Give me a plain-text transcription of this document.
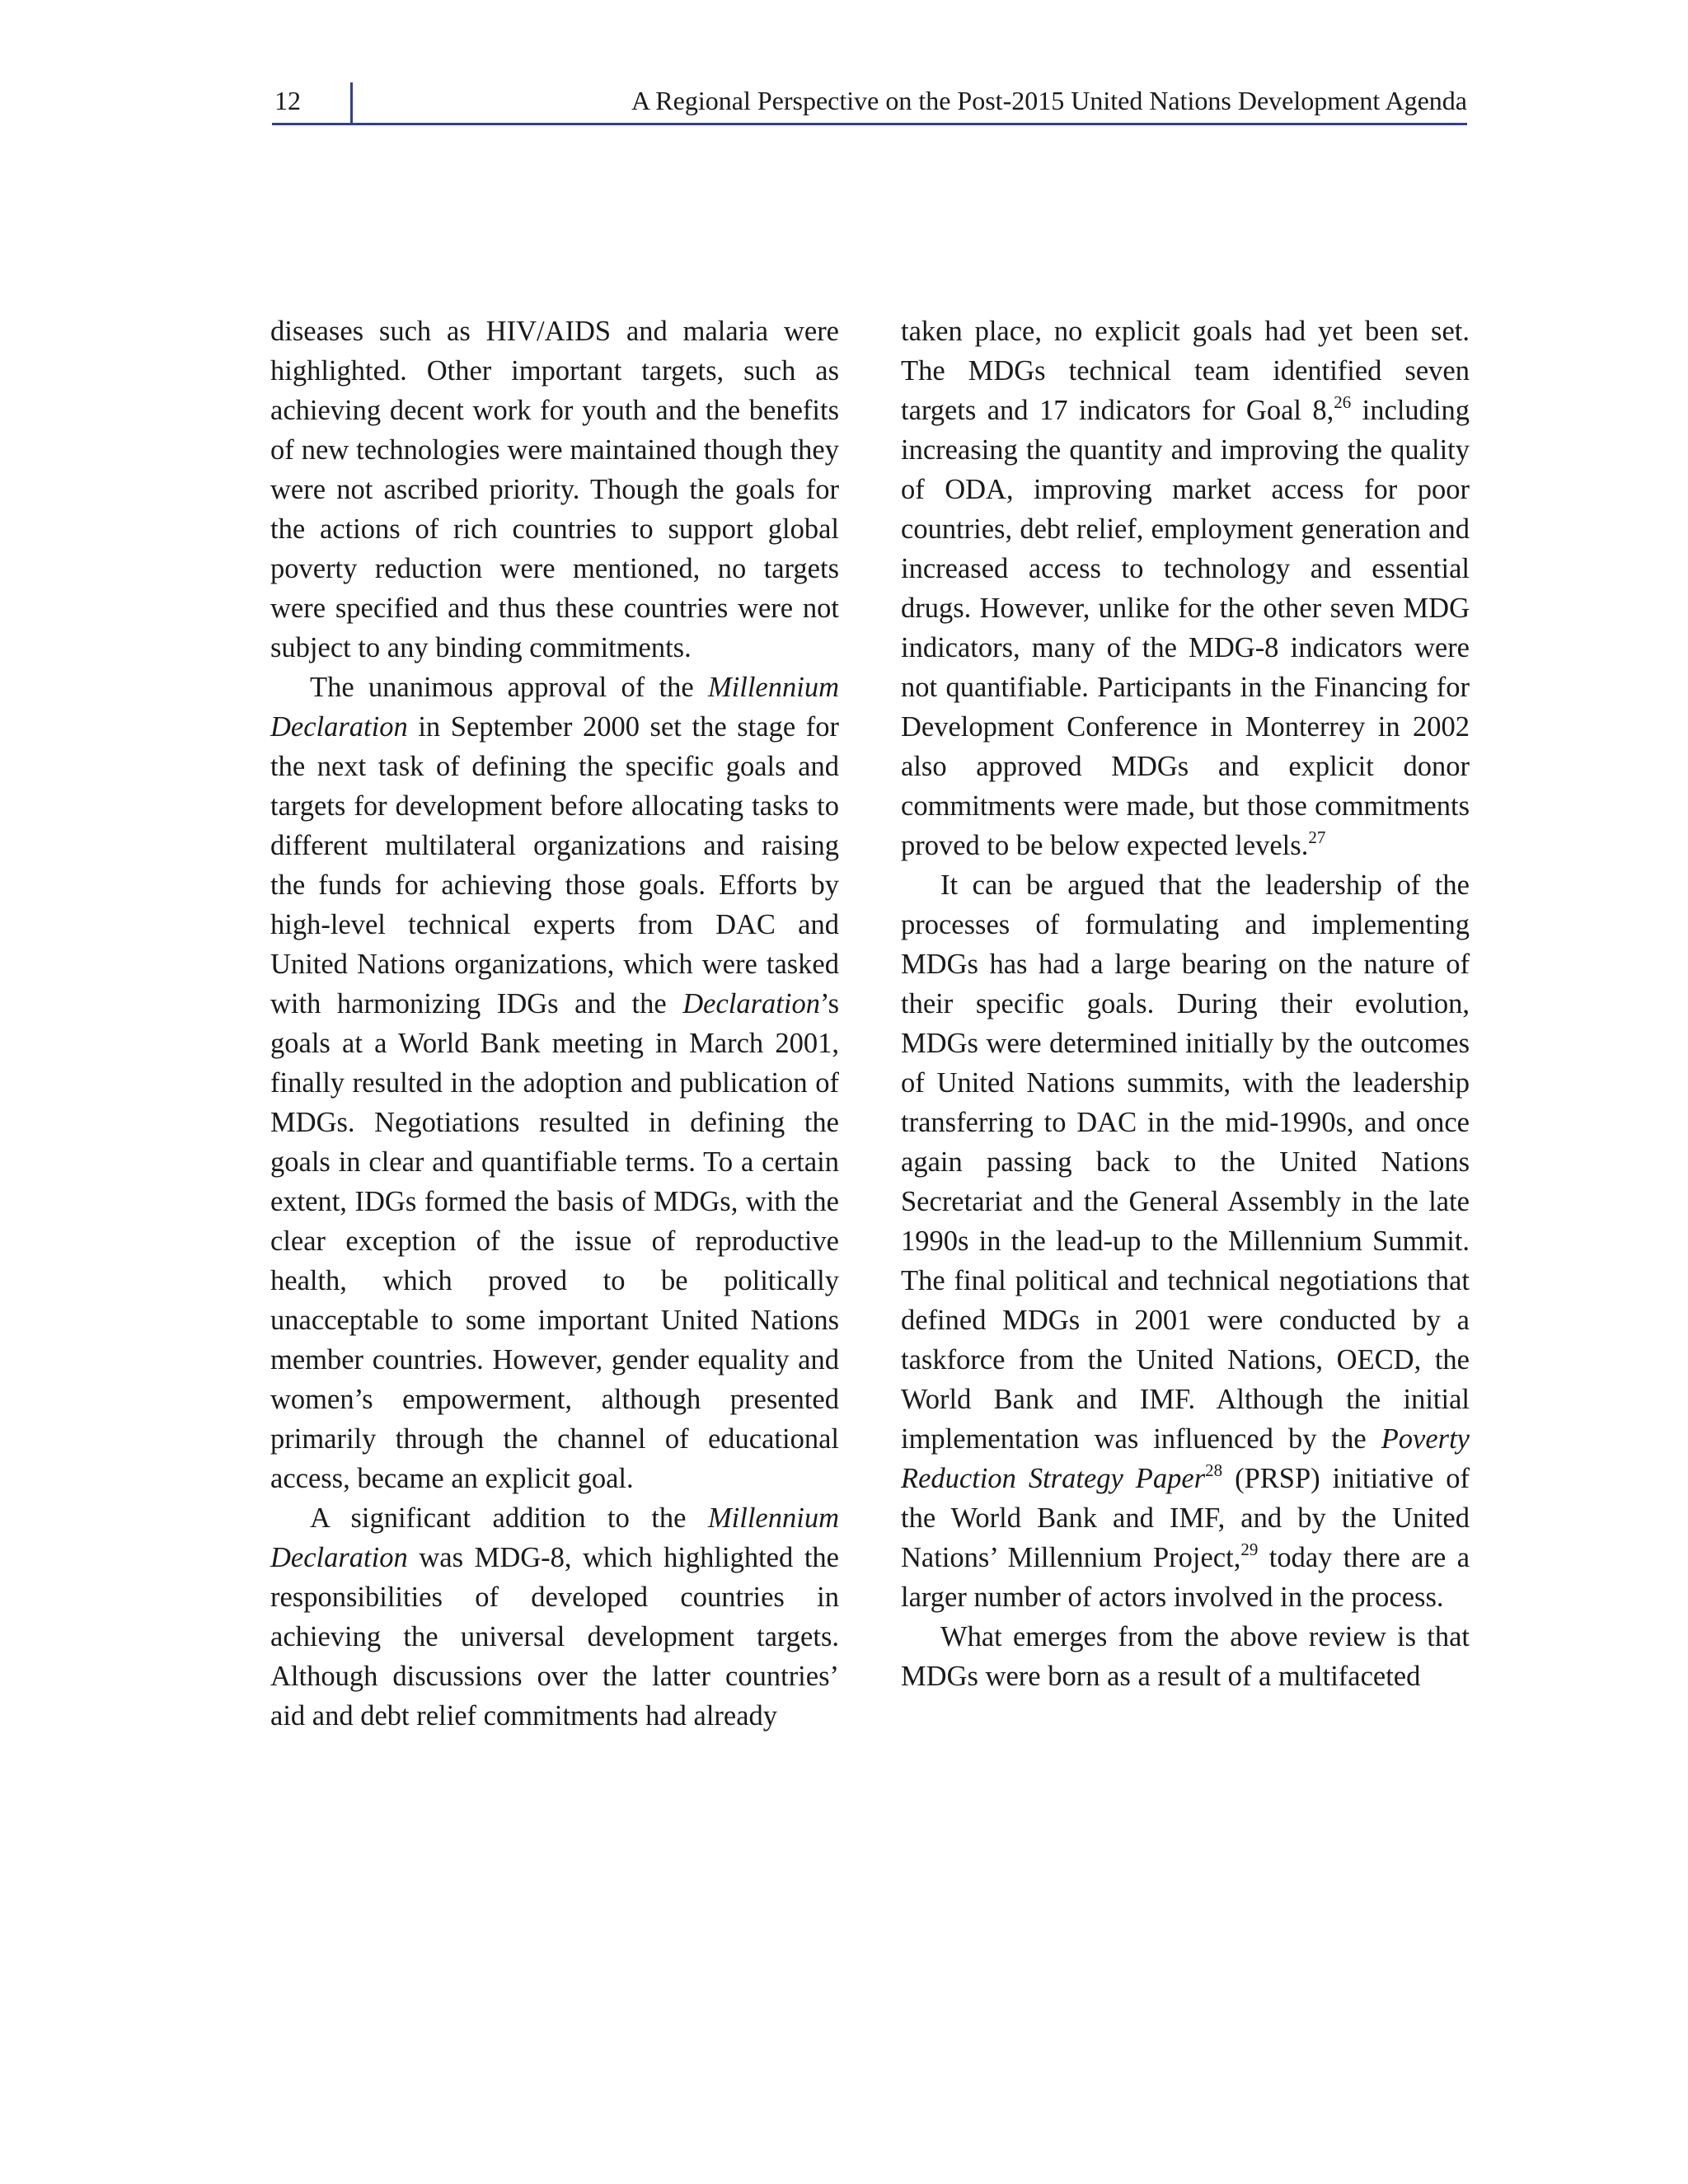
12	A Regional Perspective on the Post-2015 United Nations Development Agenda

diseases such as HIV/AIDS and malaria were highlighted. Other important targets, such as achieving decent work for youth and the benefits of new technologies were maintained though they were not ascribed priority. Though the goals for the actions of rich countries to support global poverty reduction were mentioned, no targets were specified and thus these countries were not subject to any binding commitments.

The unanimous approval of the Millennium Declaration in September 2000 set the stage for the next task of defining the specific goals and targets for development before allocating tasks to different multilateral organizations and raising the funds for achieving those goals. Efforts by high-level technical experts from DAC and United Nations organizations, which were tasked with harmonizing IDGs and the Declaration’s goals at a World Bank meeting in March 2001, finally resulted in the adoption and publication of MDGs. Negotiations resulted in defining the goals in clear and quantifiable terms. To a certain extent, IDGs formed the basis of MDGs, with the clear exception of the issue of reproductive health, which proved to be politically unacceptable to some important United Nations member countries. However, gender equality and women’s empowerment, although presented primarily through the channel of educational access, became an explicit goal.

A significant addition to the Millennium Declaration was MDG-8, which highlighted the responsibilities of developed countries in achieving the universal development targets. Although discussions over the latter countries’ aid and debt relief commitments had already

taken place, no explicit goals had yet been set. The MDGs technical team identified seven targets and 17 indicators for Goal 8,26 including increasing the quantity and improving the quality of ODA, improving market access for poor countries, debt relief, employment generation and increased access to technology and essential drugs. However, unlike for the other seven MDG indicators, many of the MDG-8 indicators were not quantifiable. Participants in the Financing for Development Conference in Monterrey in 2002 also approved MDGs and explicit donor commitments were made, but those commitments proved to be below expected levels.$^{27}$

It can be argued that the leadership of the processes of formulating and implementing MDGs has had a large bearing on the nature of their specific goals. During their evolution, MDGs were determined initially by the outcomes of United Nations summits, with the leadership transferring to DAC in the mid-1990s, and once again passing back to the United Nations Secretariat and the General Assembly in the late 1990s in the lead-up to the Millennium Summit. The final political and technical negotiations that defined MDGs in 2001 were conducted by a taskforce from the United Nations, OECD, the World Bank and IMF. Although the initial implementation was influenced by the Poverty Reduction Strategy Paper$^{28}$ (PRSP) initiative of the World Bank and IMF, and by the United Nations’ Millennium Project,$^{29}$ today there are a larger number of actors involved in the process.

What emerges from the above review is that MDGs were born as a result of a multifaceted
